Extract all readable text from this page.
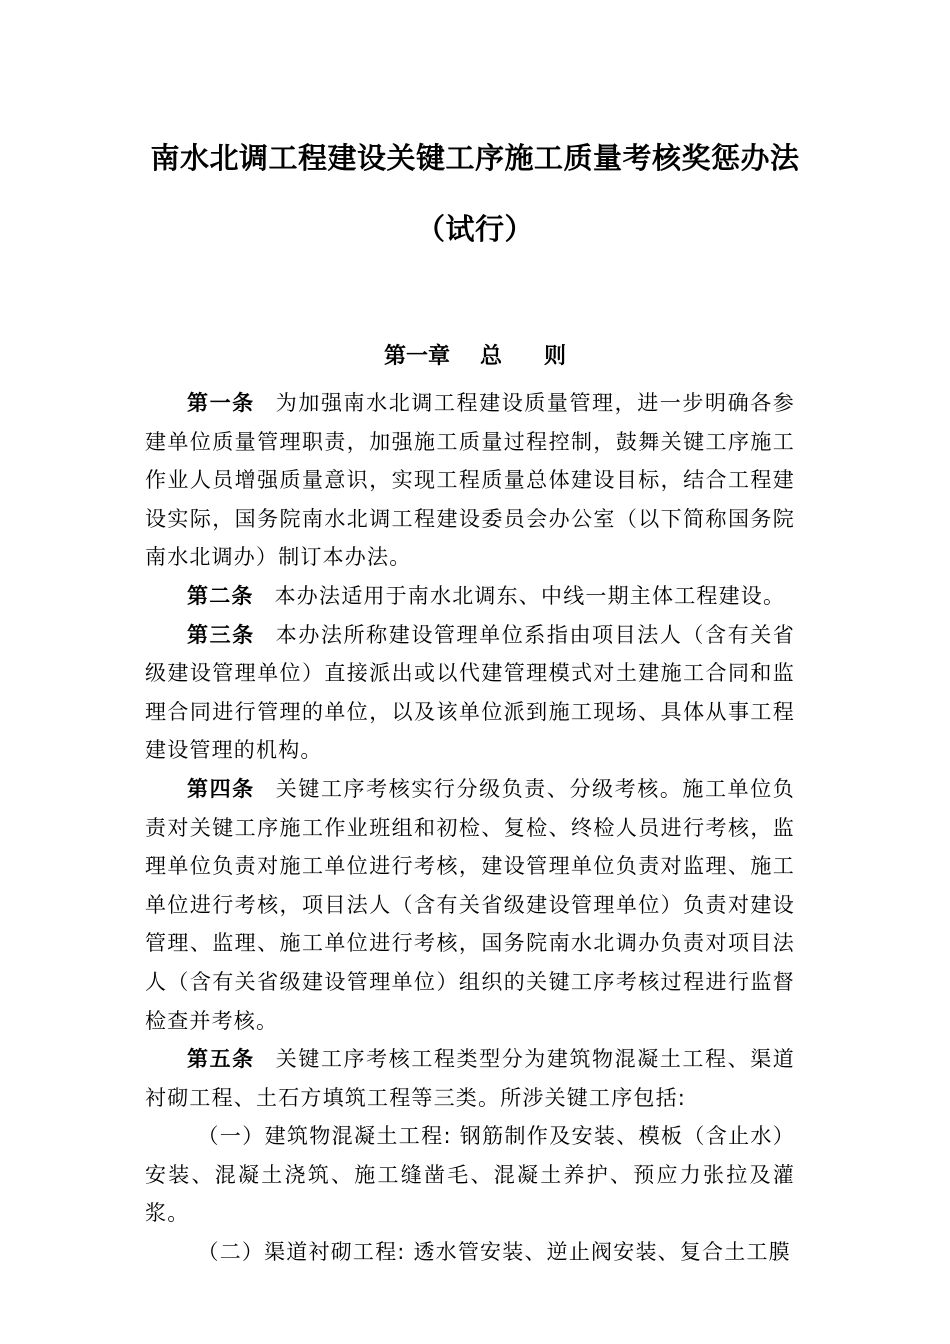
南水北调工程建设关键工序施工质量考核奖惩办法
（试行）
第一章 总 则

第一条 为加强南水北调工程建设质量管理，进一步明确各参建单位质量管理职责，加强施工质量过程控制，鼓舞关键工序施工作业人员增强质量意识，实现工程质量总体建设目标，结合工程建设实际，国务院南水北调工程建设委员会办公室（以下简称国务院南水北调办）制订本办法。

第二条 本办法适用于南水北调东、中线一期主体工程建设。

第三条 本办法所称建设管理单位系指由项目法人（含有关省级建设管理单位）直接派出或以代建管理模式对土建施工合同和监理合同进行管理的单位，以及该单位派到施工现场、具体从事工程建设管理的机构。

第四条 关键工序考核实行分级负责、分级考核。施工单位负责对关键工序施工作业班组和初检、复检、终检人员进行考核，监理单位负责对施工单位进行考核，建设管理单位负责对监理、施工单位进行考核，项目法人（含有关省级建设管理单位）负责对建设管理、监理、施工单位进行考核，国务院南水北调办负责对项目法人（含有关省级建设管理单位）组织的关键工序考核过程进行监督检查并考核。

第五条 关键工序考核工程类型分为建筑物混凝土工程、渠道衬砌工程、土石方填筑工程等三类。所涉关键工序包括:

（一）建筑物混凝土工程: 钢筋制作及安装、模板（含止水）安装、混凝土浇筑、施工缝凿毛、混凝土养护、预应力张拉及灌浆。

（二）渠道衬砌工程: 透水管安装、逆止阀安装、复合土工膜
